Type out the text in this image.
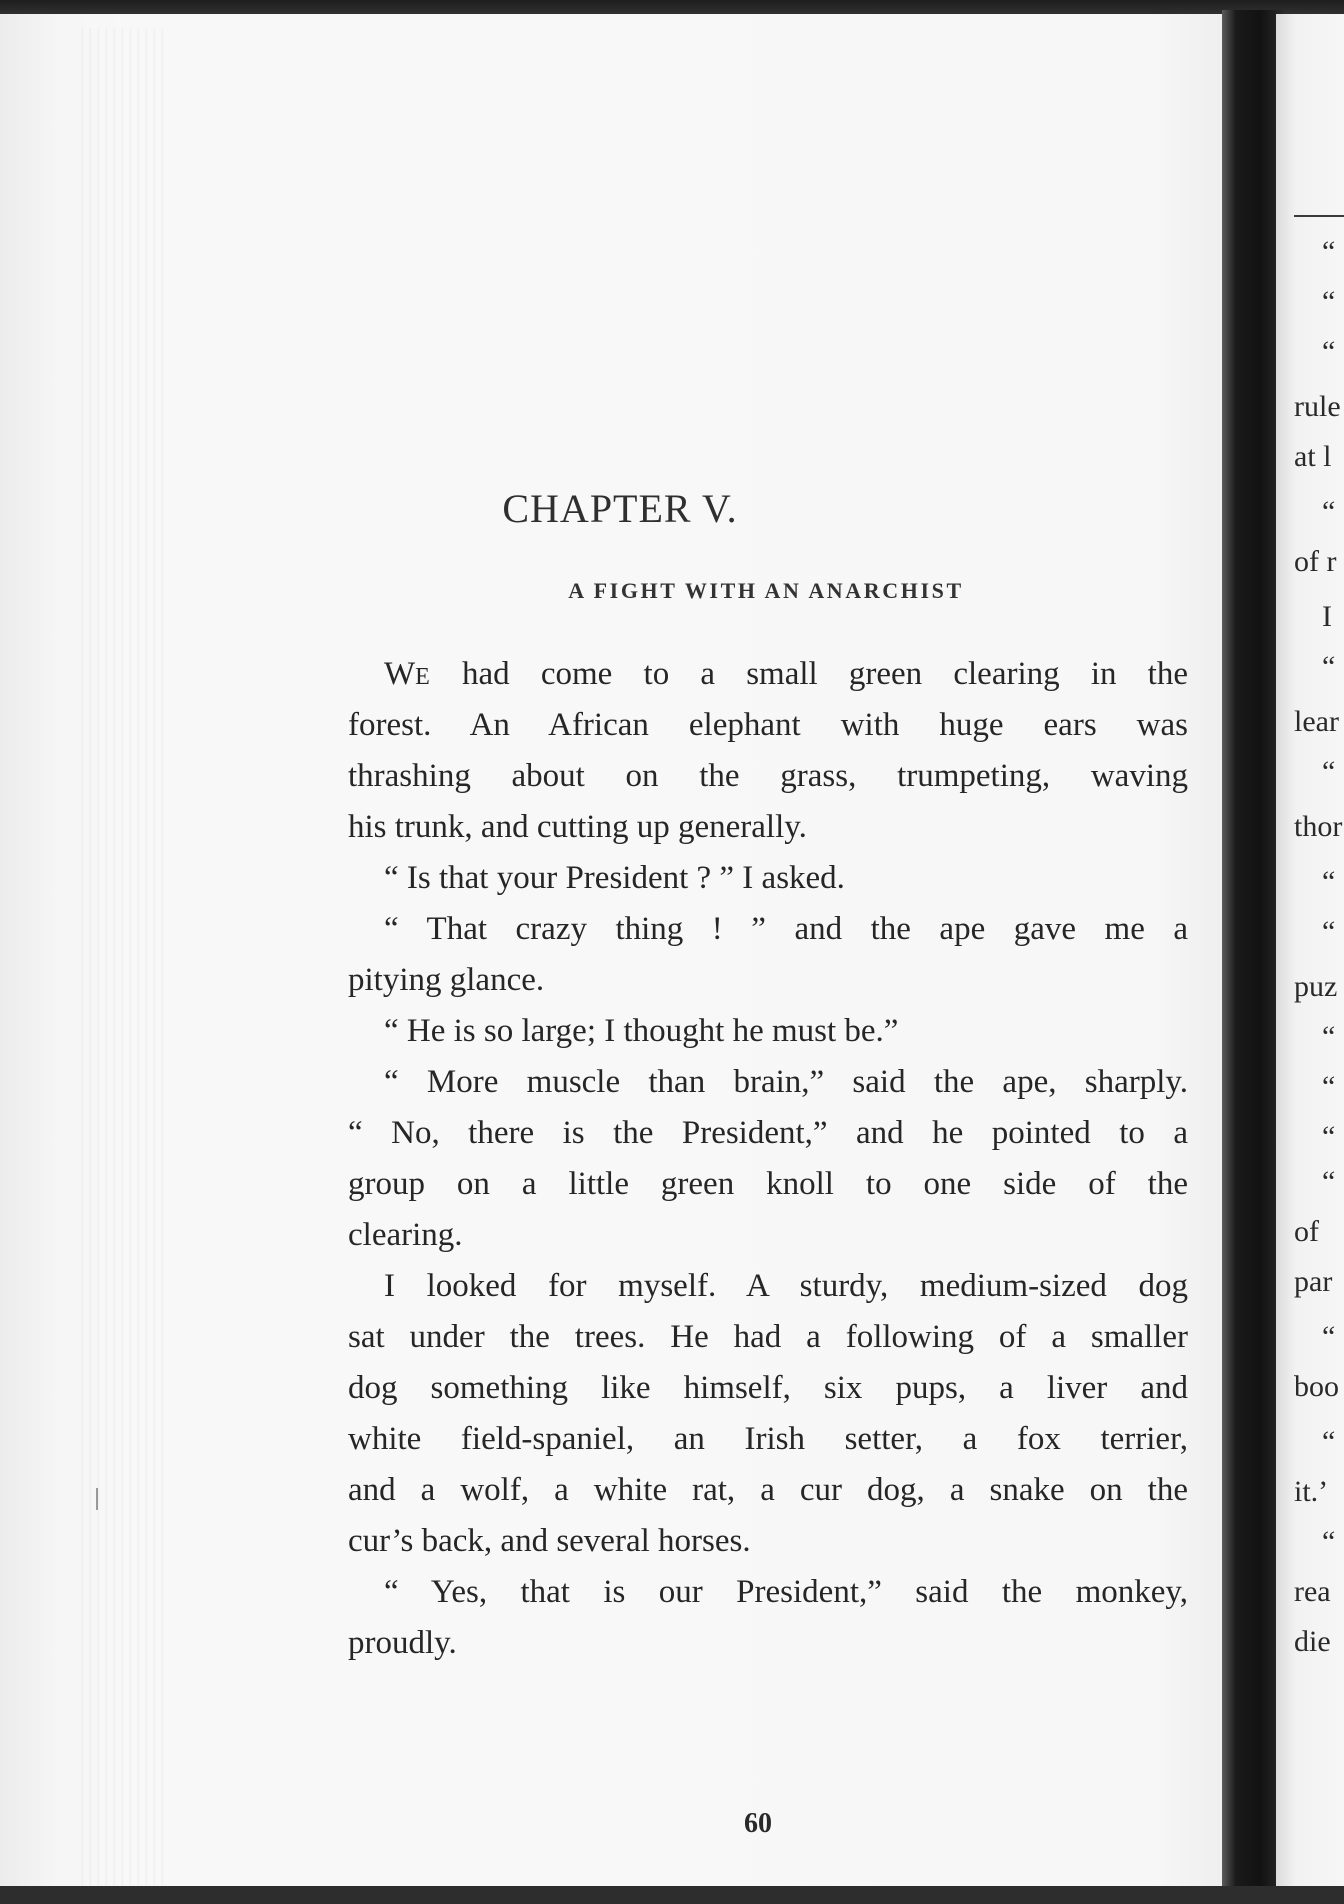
CHAPTER V.
A FIGHT WITH AN ANARCHIST
WE had come to a small green clearing in the
forest. An African elephant with huge ears was
thrashing about on the grass, trumpeting, waving
his trunk, and cutting up generally.
“ Is that your President ? ” I asked.
“ That crazy thing ! ” and the ape gave me a
pitying glance.
“ He is so large; I thought he must be.”
“ More muscle than brain,” said the ape, sharply.
“ No, there is the President,” and he pointed to a
group on a little green knoll to one side of the
clearing.
I looked for myself. A sturdy, medium-sized dog
sat under the trees. He had a following of a smaller
dog something like himself, six pups, a liver and
white field-spaniel, an Irish setter, a fox terrier,
and a wolf, a white rat, a cur dog, a snake on the
cur’s back, and several horses.
“ Yes, that is our President,” said the monkey,
proudly.
60
“
“
“
rule
at l
“
of r
I
“
lear
“
thor
“
“
puz
“
“
“
“
of
par
“
boo
“
it.’
“
rea
die
